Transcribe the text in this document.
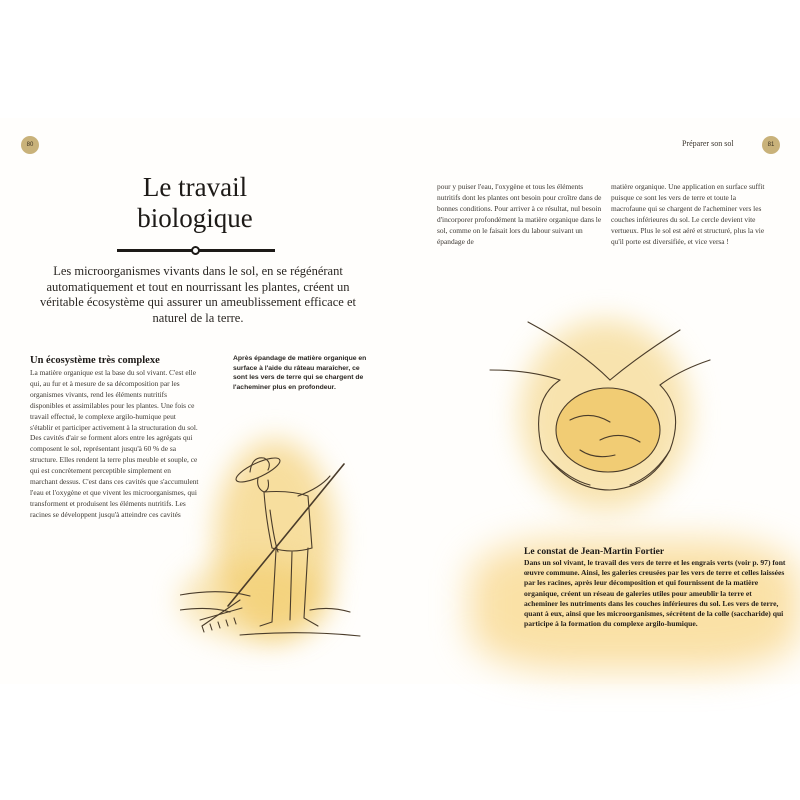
80
Le travail
biologique
Les microorganismes vivants dans le sol, en se régénérant automatiquement et tout en nourrissant les plantes, créent un véritable écosystème qui assurer un ameublissement efficace et naturel de la terre.
Un écosystème très complexe
La matière organique est la base du sol vivant. C'est elle qui, au fur et à mesure de sa décomposition par les organismes vivants, rend les éléments nutritifs disponibles et assimilables pour les plantes. Une fois ce travail effectué, le complexe argilo-humique peut s'établir et participer activement à la structuration du sol. Des cavités d'air se forment alors entre les agrégats qui composent le sol, représentant jusqu'à 60 % de sa structure. Elles rendent la terre plus meuble et souple, ce qui est concrètement perceptible simplement en marchant dessus. C'est dans ces cavités que s'accumulent l'eau et l'oxygène et que vivent les microorganismes, qui transforment et produisent les éléments nutritifs. Les racines se développent jusqu'à atteindre ces cavités
Après épandage de matière organique en surface à l'aide du râteau maraîcher, ce sont les vers de terre qui se chargent de l'acheminer plus en profondeur.
Préparer son sol	81
pour y puiser l'eau, l'oxygène et tous les éléments nutritifs dont les plantes ont besoin pour croître dans de bonnes conditions. Pour arriver à ce résultat, nul besoin d'incorporer profondément la matière organique dans le sol, comme on le faisait lors du labour suivant un épandage de
matière organique. Une application en surface suffit puisque ce sont les vers de terre et toute la macrofaune qui se chargent de l'acheminer vers les couches inférieures du sol. Le cercle devient vite vertueux. Plus le sol est aéré et structuré, plus la vie qu'il porte est diversifiée, et vice versa !
Le constat de Jean-Martin Fortier
Dans un sol vivant, le travail des vers de terre et les engrais verts (voir p. 97) font œuvre commune. Ainsi, les galeries creusées par les vers de terre et celles laissées par les racines, après leur décomposition et qui fournissent de la matière organique, créent un réseau de galeries utiles pour ameublir la terre et acheminer les nutriments dans les couches inférieures du sol. Les vers de terre, quant à eux, ainsi que les microorganismes, sécrètent de la colle (saccharide) qui participe à la formation du complexe argilo-humique.
